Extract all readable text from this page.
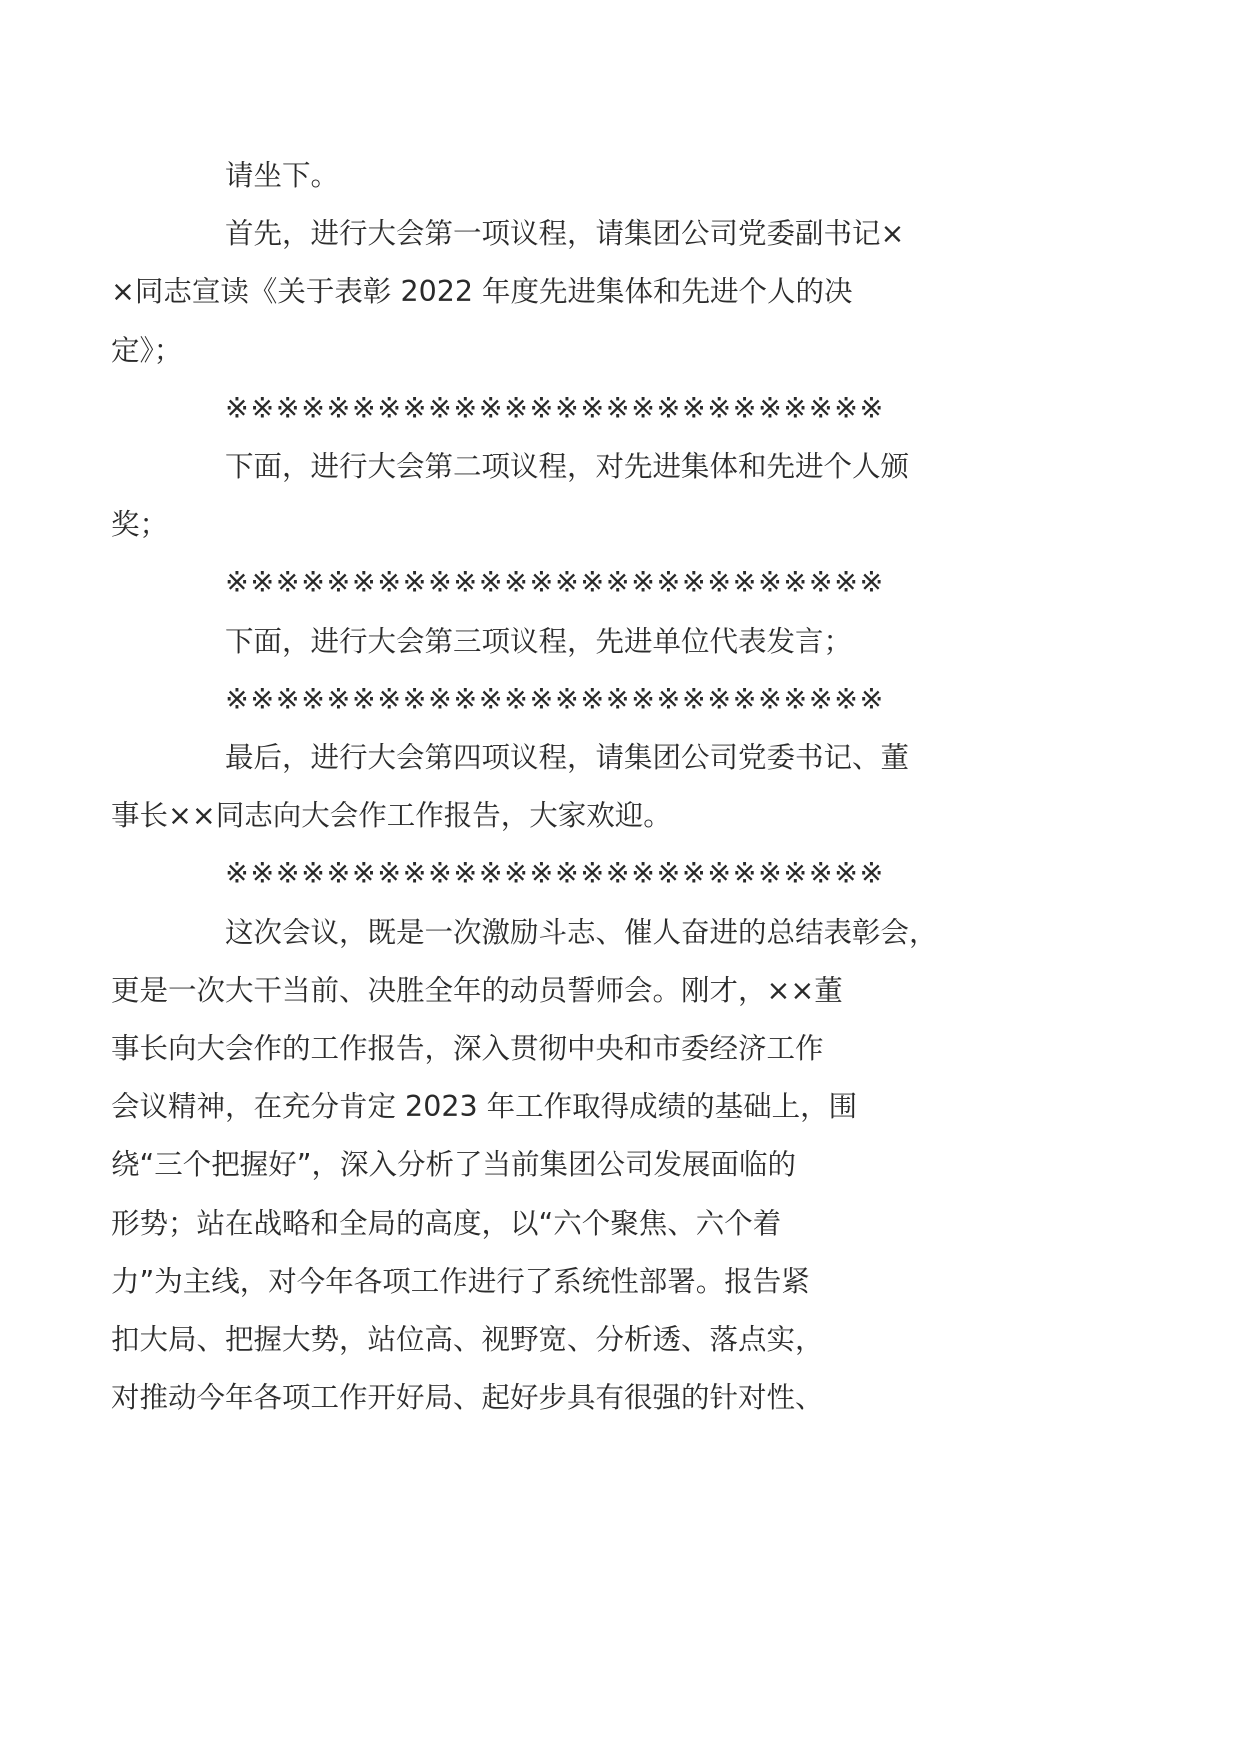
请坐下。

首先，进行大会第一项议程，请集团公司党委副书记×
×同志宣读《关于表彰 2022 年度先进集体和先进个人的决
定》；

※※※※※※※※※※※※※※※※※※※※※※※※※※

下面，进行大会第二项议程，对先进集体和先进个人颁
奖；

※※※※※※※※※※※※※※※※※※※※※※※※※※

下面，进行大会第三项议程，先进单位代表发言；

※※※※※※※※※※※※※※※※※※※※※※※※※※

最后，进行大会第四项议程，请集团公司党委书记、董
事长××同志向大会作工作报告，大家欢迎。

※※※※※※※※※※※※※※※※※※※※※※※※※※

这次会议，既是一次激励斗志、催人奋进的总结表彰会，
更是一次大干当前、决胜全年的动员誓师会。刚才，××董
事长向大会作的工作报告，深入贯彻中央和市委经济工作
会议精神，在充分肯定 2023 年工作取得成绩的基础上，围
绕“三个把握好”，深入分析了当前集团公司发展面临的
形势；站在战略和全局的高度，以“六个聚焦、六个着
力”为主线，对今年各项工作进行了系统性部署。报告紧
扣大局、把握大势，站位高、视野宽、分析透、落点实，
对推动今年各项工作开好局、起好步具有很强的针对性、
